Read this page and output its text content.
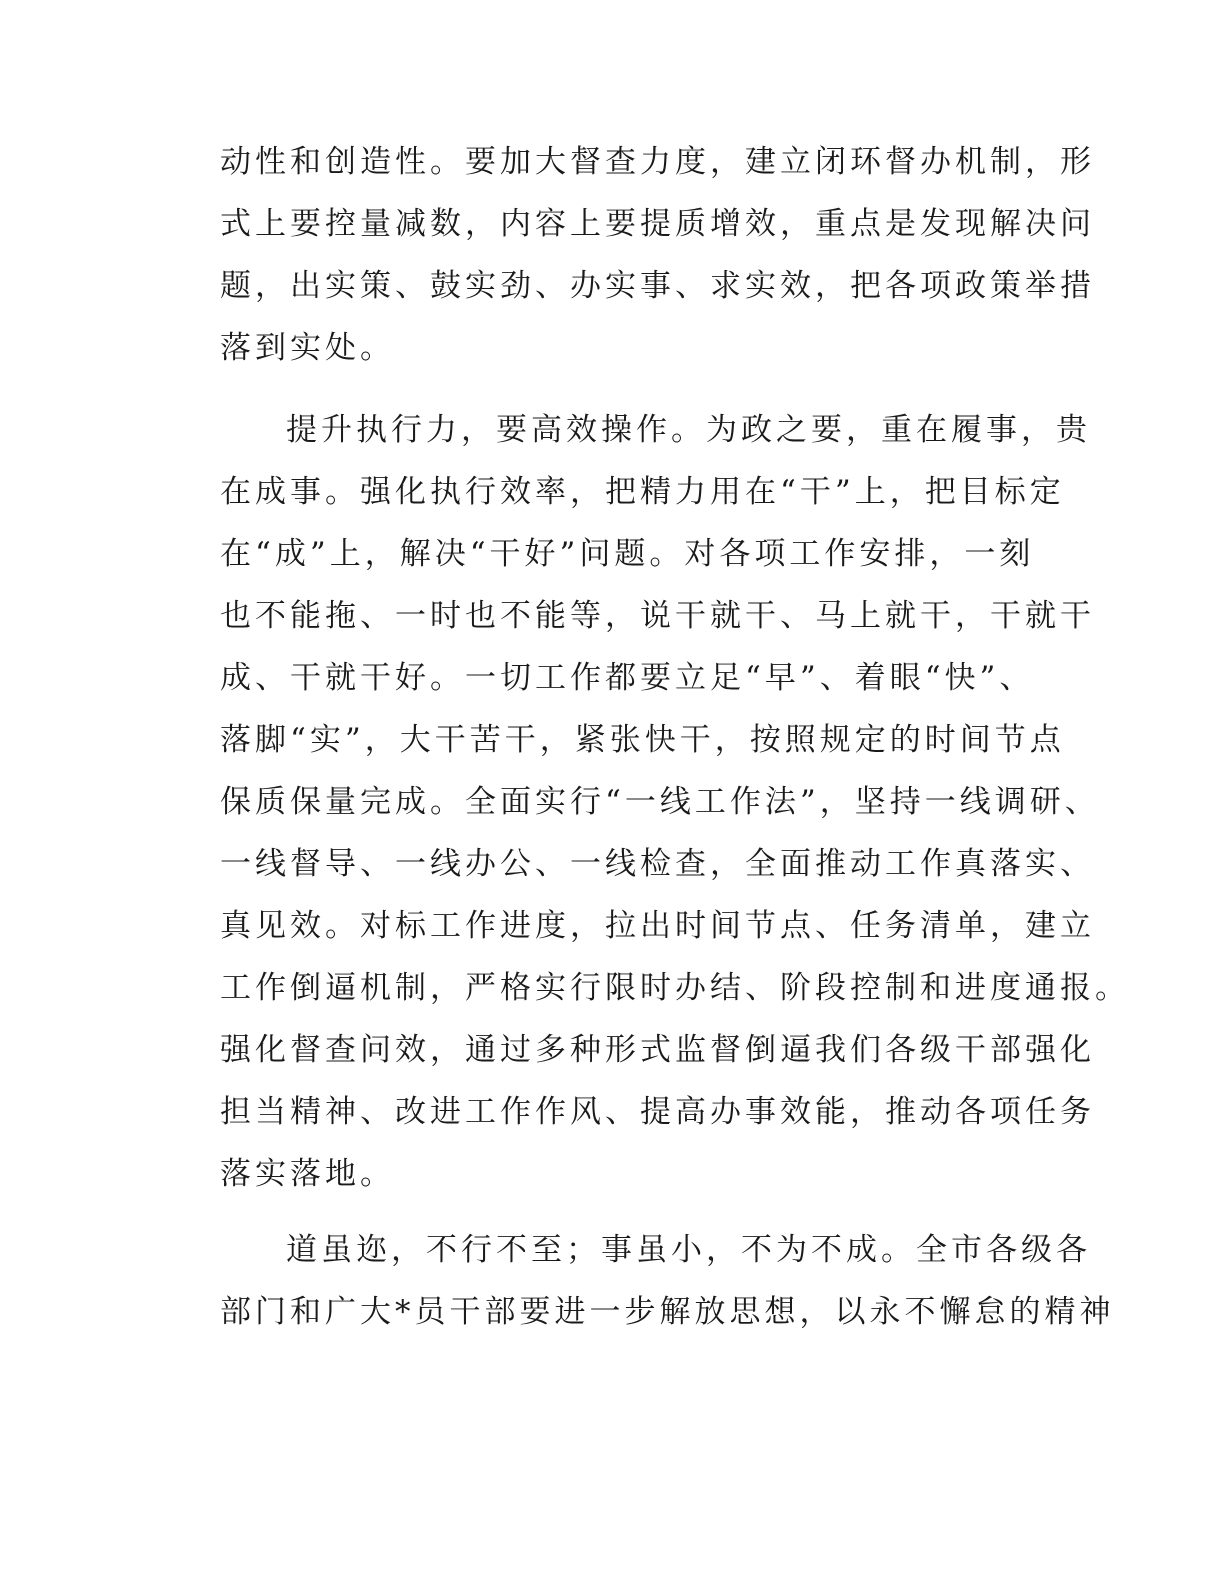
动性和创造性。要加大督查力度，建立闭环督办机制，形
式上要控量减数，内容上要提质增效，重点是发现解决问
题，出实策、鼓实劲、办实事、求实效，把各项政策举措
落到实处。
提升执行力，要高效操作。为政之要，重在履事，贵
在成事。强化执行效率，把精力用在“干”上，把目标定
在“成”上，解决“干好”问题。对各项工作安排，一刻
也不能拖、一时也不能等，说干就干、马上就干，干就干
成、干就干好。一切工作都要立足“早”、着眼“快”、
落脚“实”，大干苦干，紧张快干，按照规定的时间节点
保质保量完成。全面实行“一线工作法”，坚持一线调研、
一线督导、一线办公、一线检查，全面推动工作真落实、
真见效。对标工作进度，拉出时间节点、任务清单，建立
工作倒逼机制，严格实行限时办结、阶段控制和进度通报。
强化督查问效，通过多种形式监督倒逼我们各级干部强化
担当精神、改进工作作风、提高办事效能，推动各项任务
落实落地。
道虽迩，不行不至；事虽小，不为不成。全市各级各
部门和广大*员干部要进一步解放思想，以永不懈怠的精神
